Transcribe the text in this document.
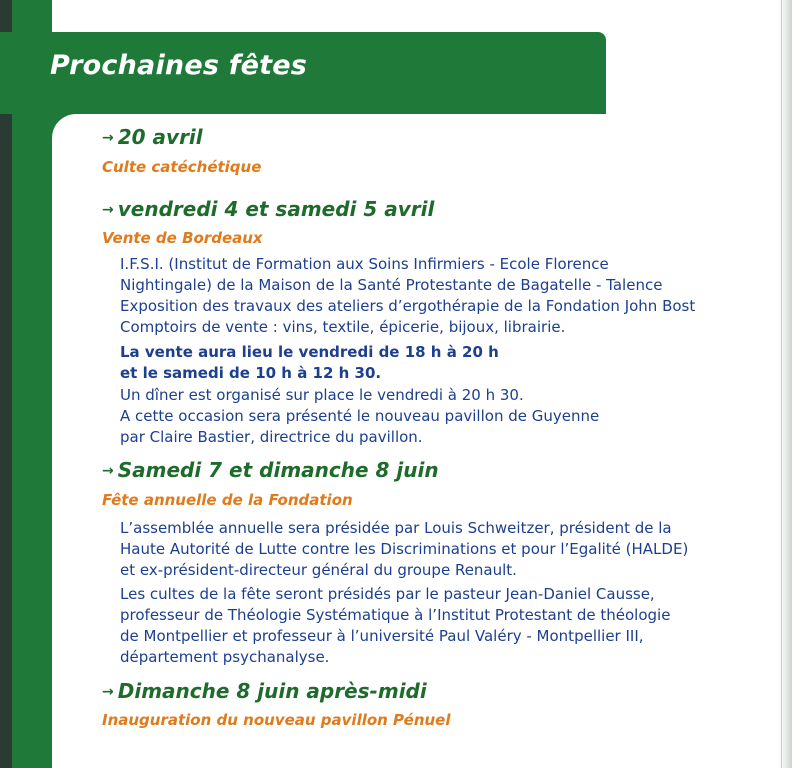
Prochaines fêtes
→ 20 avril
Culte catéchétique
→ vendredi 4 et samedi 5 avril
Vente de Bordeaux
I.F.S.I. (Institut de Formation aux Soins Infirmiers - Ecole Florence
Nightingale) de la Maison de la Santé Protestante de Bagatelle - Talence
Exposition des travaux des ateliers d’ergothérapie de la Fondation John Bost
Comptoirs de vente : vins, textile, épicerie, bijoux, librairie.
La vente aura lieu le vendredi de 18 h à 20 h
et le samedi de 10 h à 12 h 30.
Un dîner est organisé sur place le vendredi à 20 h 30.
A cette occasion sera présenté le nouveau pavillon de Guyenne
par Claire Bastier, directrice du pavillon.
→ Samedi 7 et dimanche 8 juin
Fête annuelle de la Fondation
L’assemblée annuelle sera présidée par Louis Schweitzer, président de la
Haute Autorité de Lutte contre les Discriminations et pour l’Egalité (HALDE)
et ex-président-directeur général du groupe Renault.
Les cultes de la fête seront présidés par le pasteur Jean-Daniel Causse,
professeur de Théologie Systématique à l’Institut Protestant de théologie
de Montpellier et professeur à l’université Paul Valéry - Montpellier III,
département psychanalyse.
→ Dimanche 8 juin après-midi
Inauguration du nouveau pavillon Pénuel
